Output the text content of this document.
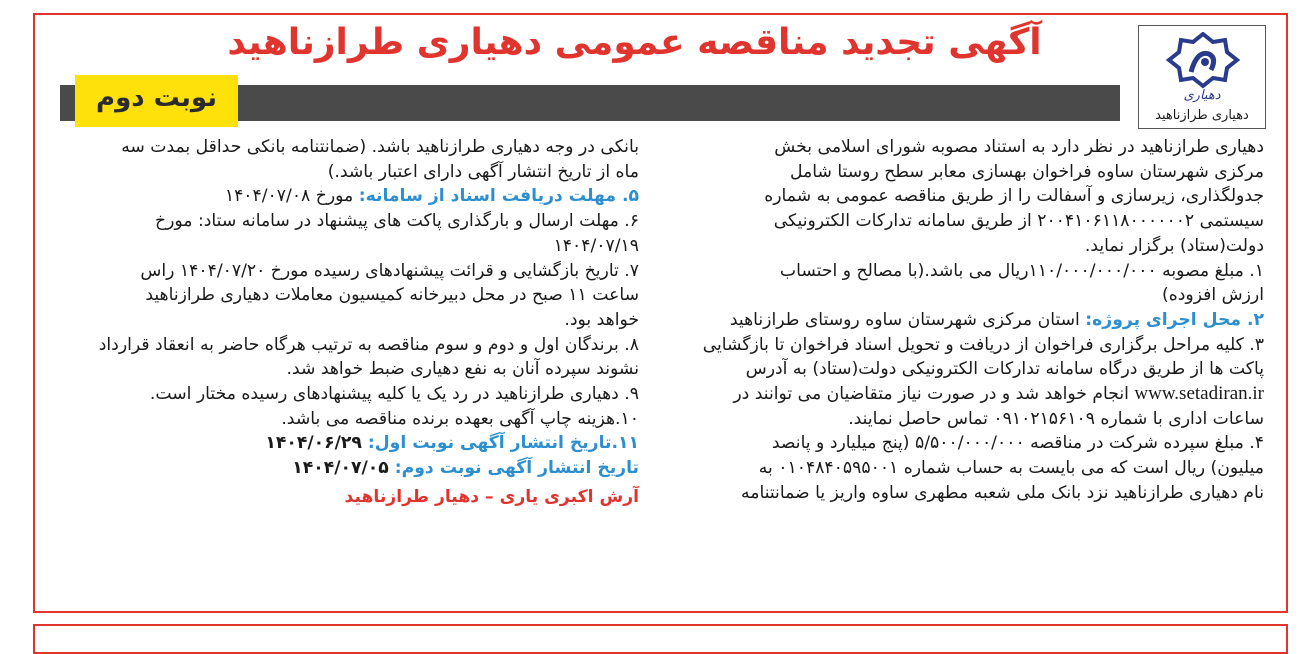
دهیاری
دهیاری طرازناهید
آگهی تجدید مناقصه عمومی دهیاری طرازناهید
نوبت دوم
دهیاری طرازناهید در نظر دارد به استناد مصوبه شورای اسلامی بخش
مرکزی شهرستان ساوه فراخوان بهسازی معابر سطح روستا شامل
جدولگذاری، زیرسازی و آسفالت را از طریق مناقصه عمومی به شماره
سیستمی ۲۰۰۴۱۰۶۱۱۸۰۰۰۰۰۰۲ از طریق سامانه تدارکات الکترونیکی
دولت(ستاد) برگزار نماید.
۱. مبلغ مصوبه ۱۱۰/۰۰۰/۰۰۰/۰۰۰ریال می باشد.(با مصالح و احتساب
ارزش افزوده)
۲. محل اجرای پروژه: استان مرکزی شهرستان ساوه روستای طرازناهید
۳. کلیه مراحل برگزاری فراخوان از دریافت و تحویل اسناد فراخوان تا بازگشایی
پاکت ها از طریق درگاه سامانه تدارکات الکترونیکی دولت(ستاد) به آدرس
www.setadiran.ir انجام خواهد شد و در صورت نیاز متقاضیان می توانند در
ساعات اداری با شماره ۰۹۱۰۲۱۵۶۱۰۹ تماس حاصل نمایند.
۴. مبلغ سپرده شرکت در مناقصه ۵/۵۰۰/۰۰۰/۰۰۰ (پنج میلیارد و پانصد
میلیون) ریال است که می بایست به حساب شماره ۰۱۰۴۸۴۰۵۹۵۰۰۱ به
نام دهیاری طرازناهید نزد بانک ملی شعبه مطهری ساوه واریز یا ضمانتنامه
بانکی در وجه دهیاری طرازناهید باشد. (ضمانتنامه بانکی حداقل بمدت سه
ماه از تاریخ انتشار آگهی دارای اعتبار باشد.)
۵. مهلت دریافت اسناد از سامانه: مورخ ۱۴۰۴/۰۷/۰۸
۶. مهلت ارسال و بارگذاری پاکت های پیشنهاد در سامانه ستاد: مورخ
۱۴۰۴/۰۷/۱۹
۷. تاریخ بازگشایی و قرائت پیشنهادهای رسیده مورخ ۱۴۰۴/۰۷/۲۰ راس
ساعت ۱۱ صبح در محل دبیرخانه کمیسیون معاملات دهیاری طرازناهید
خواهد بود.
۸. برندگان اول و دوم و سوم مناقصه به ترتیب هرگاه حاضر به انعقاد قرارداد
نشوند سپرده آنان به نفع دهیاری ضبط خواهد شد.
۹. دهیاری طرازناهید در رد یک یا کلیه پیشنهادهای رسیده مختار است.
۱۰.هزینه چاپ آگهی بعهده برنده مناقصه می باشد.
۱۱.تاریخ انتشار آگهی نوبت اول: ۱۴۰۴/۰۶/۲۹
تاریخ انتشار آگهی نوبت دوم: ۱۴۰۴/۰۷/۰۵
آرش اکبری یاری – دهیار طرازناهید
